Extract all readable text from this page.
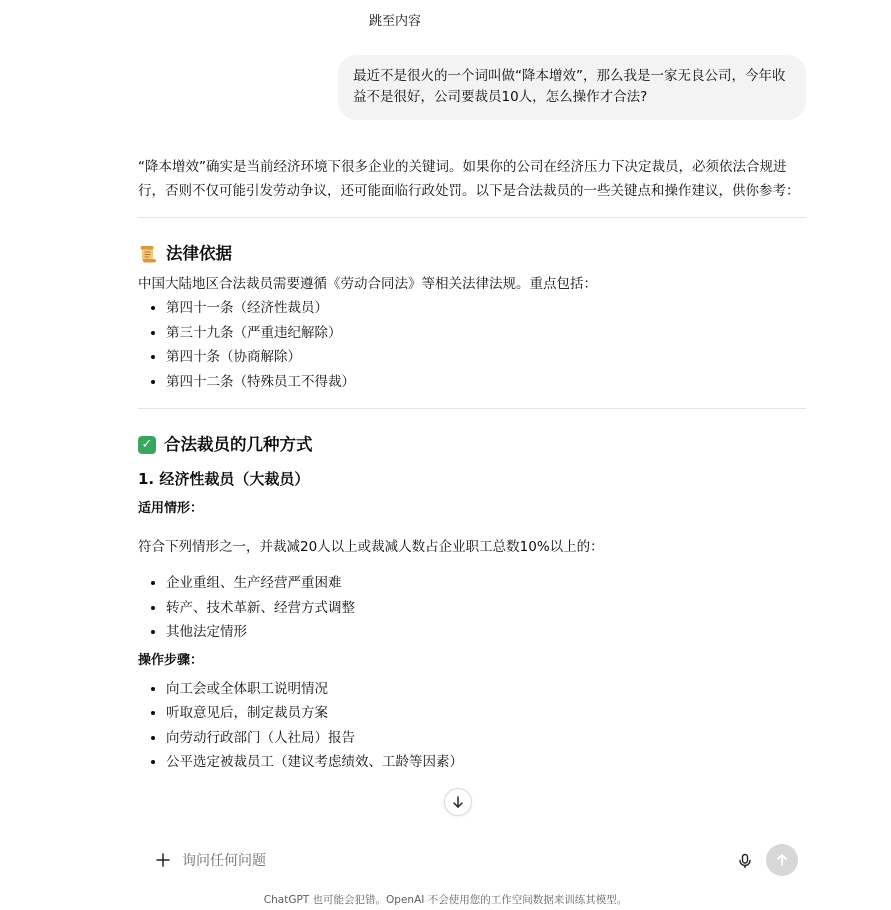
跳至内容
最近不是很火的一个词叫做“降本增效”，那么我是一家无良公司，今年收益不是很好，公司要裁员10人，怎么操作才合法?

“降本增效”确实是当前经济环境下很多企业的关键词。如果你的公司在经济压力下决定裁员，必须依法合规进行，否则不仅可能引发劳动争议，还可能面临行政处罚。以下是合法裁员的一些关键点和操作建议，供你参考：

法律依据

中国大陆地区合法裁员需要遵循《劳动合同法》等相关法律法规。重点包括：

• 第四十一条（经济性裁员）
• 第三十九条（严重违纪解除）
• 第四十条（协商解除）
• 第四十二条（特殊员工不得裁）
✓ 合法裁员的几种方式
1. 经济性裁员（大裁员）

适用情形：

符合下列情形之一，并裁减20人以上或裁减人数占企业职工总数10%以上的：

• 企业重组、生产经营严重困难
• 转产、技术革新、经营方式调整
• 其他法定情形

操作步骤：

• 向工会或全体职工说明情况
• 听取意见后，制定裁员方案
• 向劳动行政部门（人社局）报告
• 公平选定被裁员工（建议考虑绩效、工龄等因素）
询问任何问题
ChatGPT 也可能会犯错。OpenAI 不会使用您的工作空间数据来训练其模型。
